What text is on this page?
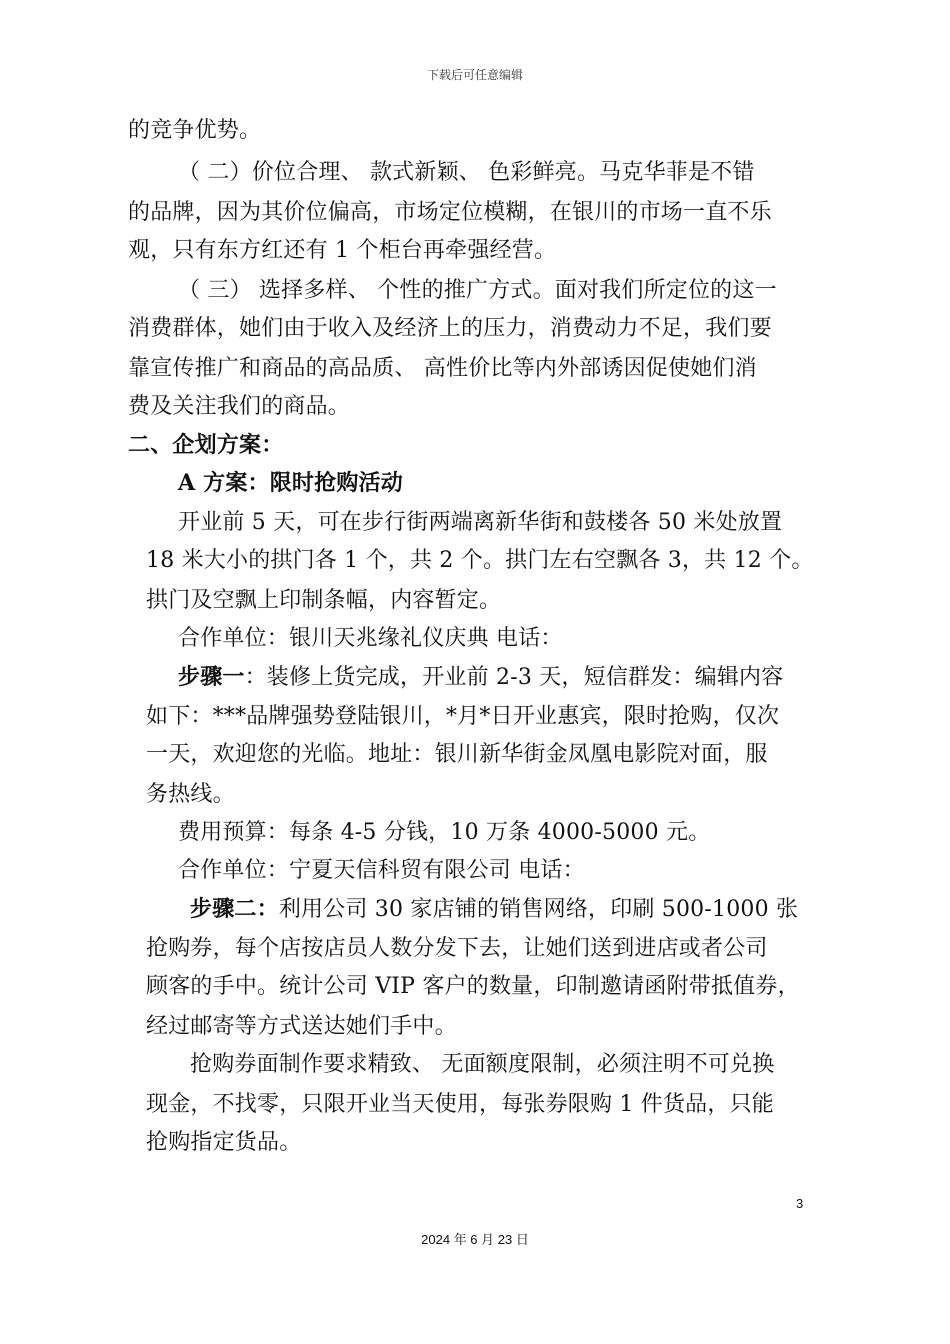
下载后可任意编辑
的竞争优势。
（ 二）价位合理、 款式新颖、 色彩鲜亮。马克华菲是不错
的品牌，因为其价位偏高，市场定位模糊，在银川的市场一直不乐
观，只有东方红还有 1 个柜台再牵强经营。
（ 三） 选择多样、 个性的推广方式。面对我们所定位的这一
消费群体，她们由于收入及经济上的压力，消费动力不足，我们要
靠宣传推广和商品的高品质、 高性价比等内外部诱因促使她们消
费及关注我们的商品。
二、企划方案：
A 方案：限时抢购活动
开业前 5 天，可在步行街两端离新华街和鼓楼各 50 米处放置
18 米大小的拱门各 1 个，共 2 个。拱门左右空飘各 3，共 12 个。
拱门及空飘上印制条幅，内容暂定。
合作单位：银川天兆缘礼仪庆典 电话：
步骤一：装修上货完成，开业前 2-3 天，短信群发：编辑内容
如下：***品牌强势登陆银川，*月*日开业惠宾，限时抢购，仅次
一天，欢迎您的光临。地址：银川新华街金凤凰电影院对面，服
务热线。
费用预算：每条 4-5 分钱，10 万条 4000-5000 元。
合作单位：宁夏天信科贸有限公司 电话：
步骤二：利用公司 30 家店铺的销售网络，印刷 500-1000 张
抢购券，每个店按店员人数分发下去，让她们送到进店或者公司
顾客的手中。统计公司 VIP 客户的数量，印制邀请函附带抵值券，
经过邮寄等方式送达她们手中。
抢购券面制作要求精致、 无面额度限制，必须注明不可兑换
现金，不找零，只限开业当天使用，每张券限购 1 件货品，只能
抢购指定货品。
3
2024 年 6 月 23 日
